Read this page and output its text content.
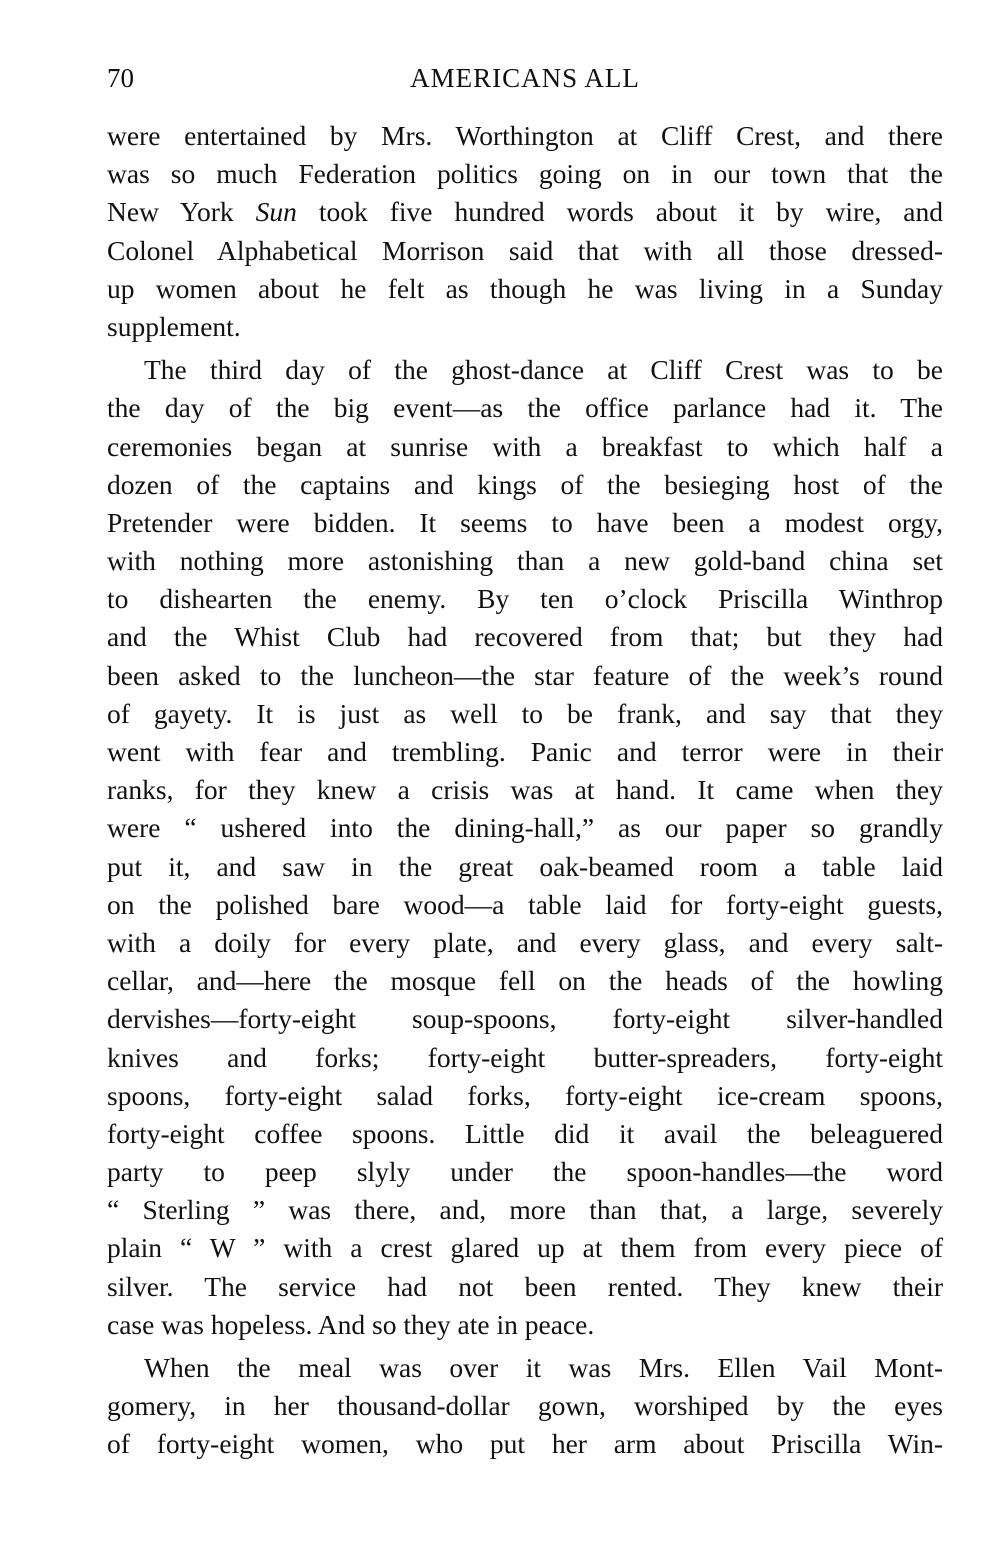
70	AMERICANS ALL
were entertained by Mrs. Worthington at Cliff Crest, and there
was so much Federation politics going on in our town that the
New York Sun took five hundred words about it by wire, and
Colonel Alphabetical Morrison said that with all those dressed-
up women about he felt as though he was living in a Sunday
supplement.
The third day of the ghost-dance at Cliff Crest was to be
the day of the big event—as the office parlance had it. The
ceremonies began at sunrise with a breakfast to which half a
dozen of the captains and kings of the besieging host of the
Pretender were bidden. It seems to have been a modest orgy,
with nothing more astonishing than a new gold-band china set
to dishearten the enemy. By ten o’clock Priscilla Winthrop
and the Whist Club had recovered from that; but they had
been asked to the luncheon—the star feature of the week’s round
of gayety. It is just as well to be frank, and say that they
went with fear and trembling. Panic and terror were in their
ranks, for they knew a crisis was at hand. It came when they
were “ ushered into the dining-hall,” as our paper so grandly
put it, and saw in the great oak-beamed room a table laid
on the polished bare wood—a table laid for forty-eight guests,
with a doily for every plate, and every glass, and every salt-
cellar, and—here the mosque fell on the heads of the howling
dervishes—forty-eight soup-spoons, forty-eight silver-handled
knives and forks; forty-eight butter-spreaders, forty-eight
spoons, forty-eight salad forks, forty-eight ice-cream spoons,
forty-eight coffee spoons. Little did it avail the beleaguered
party to peep slyly under the spoon-handles—the word
“ Sterling ” was there, and, more than that, a large, severely
plain “ W ” with a crest glared up at them from every piece of
silver. The service had not been rented. They knew their
case was hopeless. And so they ate in peace.
When the meal was over it was Mrs. Ellen Vail Mont-
gomery, in her thousand-dollar gown, worshiped by the eyes
of forty-eight women, who put her arm about Priscilla Win-
